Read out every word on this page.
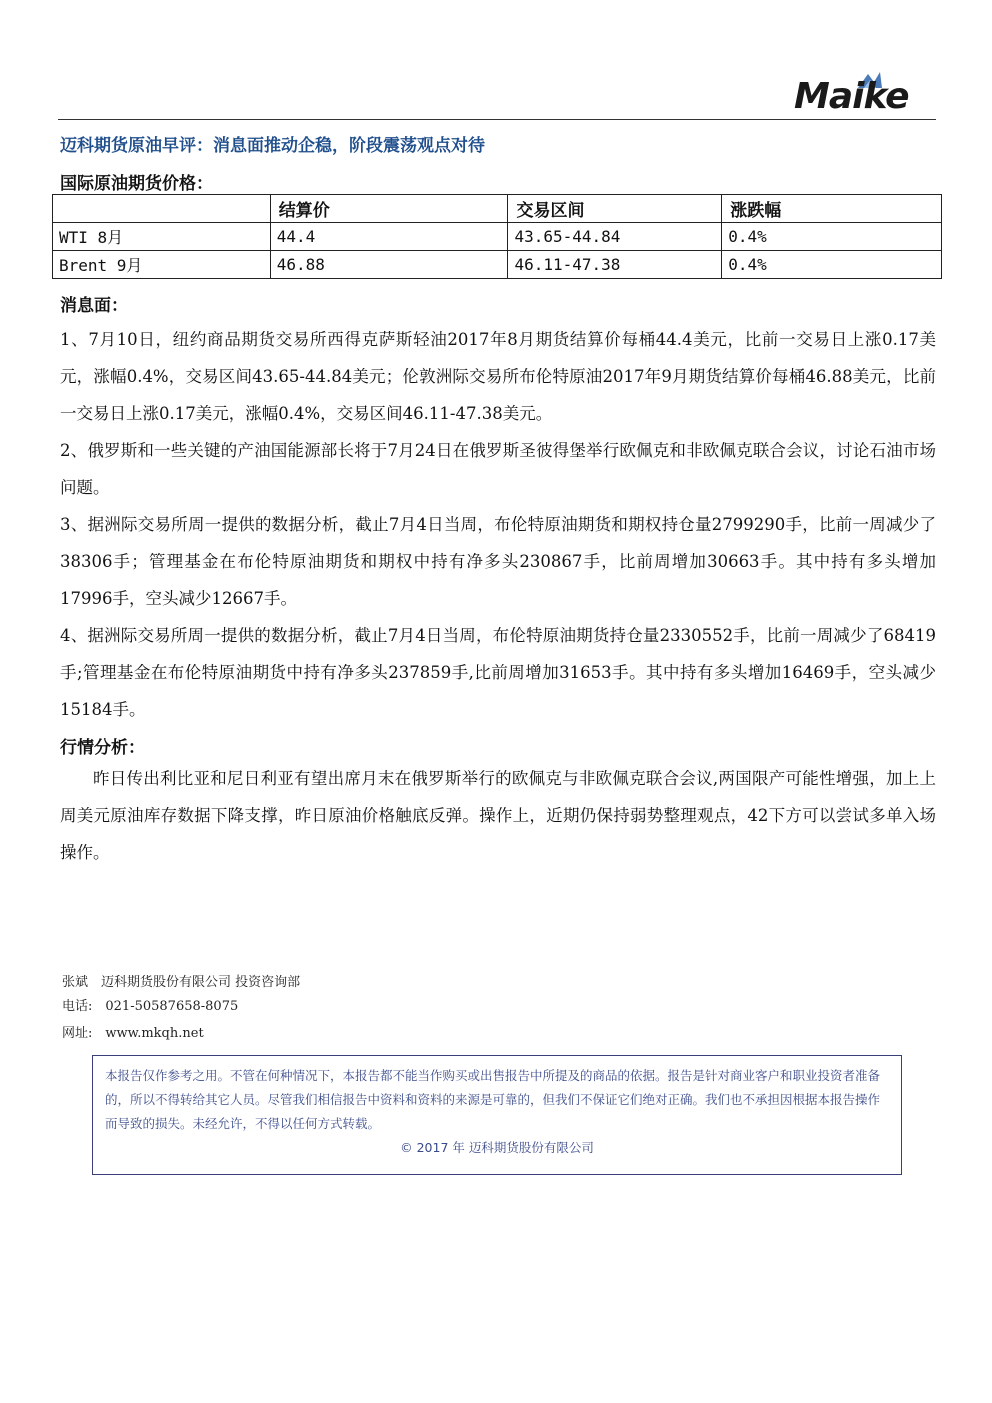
Maike
迈科期货原油早评：消息面推动企稳，阶段震荡观点对待
国际原油期货价格：
	结算价	交易区间	涨跌幅
WTI 8月	44.4	43.65-44.84	0.4%
Brent 9月	46.88	46.11-47.38	0.4%
消息面：
1、7月10日，纽约商品期货交易所西得克萨斯轻油2017年8月期货结算价每桶44.4美元，比前一交易日上涨0.17美元，涨幅0.4%，交易区间43.65-44.84美元；伦敦洲际交易所布伦特原油2017年9月期货结算价每桶46.88美元，比前一交易日上涨0.17美元，涨幅0.4%，交易区间46.11-47.38美元。
2、俄罗斯和一些关键的产油国能源部长将于7月24日在俄罗斯圣彼得堡举行欧佩克和非欧佩克联合会议，讨论石油市场问题。
3、据洲际交易所周一提供的数据分析，截止7月4日当周，布伦特原油期货和期权持仓量2799290手，比前一周减少了38306手；管理基金在布伦特原油期货和期权中持有净多头230867手，比前周增加30663手。其中持有多头增加17996手，空头减少12667手。
4、据洲际交易所周一提供的数据分析，截止7月4日当周，布伦特原油期货持仓量2330552手，比前一周减少了68419手;管理基金在布伦特原油期货中持有净多头237859手,比前周增加31653手。其中持有多头增加16469手，空头减少15184手。
行情分析：
昨日传出利比亚和尼日利亚有望出席月末在俄罗斯举行的欧佩克与非欧佩克联合会议,两国限产可能性增强，加上上周美元原油库存数据下降支撑，昨日原油价格触底反弹。操作上，近期仍保持弱势整理观点，42下方可以尝试多单入场操作。
张斌　迈科期货股份有限公司 投资咨询部
电话:　021-50587658-8075
网址:　www.mkqh.net
本报告仅作参考之用。不管在何种情况下，本报告都不能当作购买或出售报告中所提及的商品的依据。报告是针对商业客户和职业投资者准备的，所以不得转给其它人员。尽管我们相信报告中资料和资料的来源是可靠的，但我们不保证它们绝对正确。我们也不承担因根据本报告操作而导致的损失。未经允许，不得以任何方式转载。
© 2017 年 迈科期货股份有限公司
